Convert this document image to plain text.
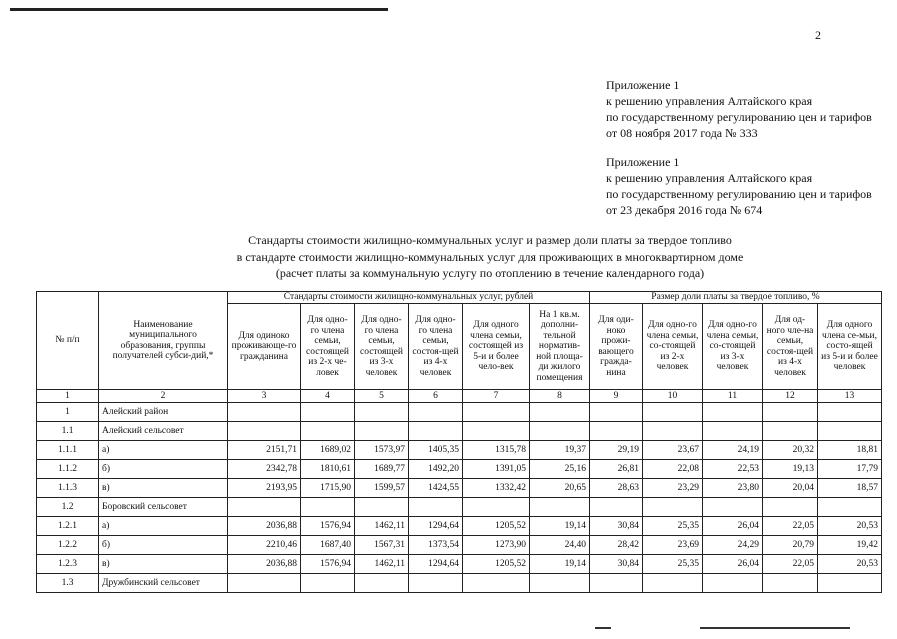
2
Приложение 1
к решению управления Алтайского края
по государственному регулированию цен и тарифов
от 08 ноября 2017 года № 333
Приложение 1
к решению управления Алтайского края
по государственному регулированию цен и тарифов
от 23 декабря 2016 года № 674
Стандарты стоимости жилищно-коммунальных услуг и размер доли платы за твердое топливо
в стандарте стоимости жилищно-коммунальных услуг для проживающих в многоквартирном доме
(расчет платы за коммунальную услугу по отоплению в течение календарного года)
№ п/п	Наименование муниципального образования, группы получателей субси-дий,*	Стандарты стоимости жилищно-коммунальных услуг, рублей						Размер доли платы за твердое топливо, %				
		Для одиноко проживающе-го гражданина	Для одно-го члена семьи, состоящей из 2-х че-ловек	Для одно-го члена семьи, состоящей из 3-х человек	Для одно-го члена семьи, состоя-щей из 4-х человек	Для одного члена семьи, состоящей из 5-и и более чело-век	На 1 кв.м. дополни-тельной норматив-ной площа-ди жилого помещения	Для оди-ноко прожи-вающего гражда-нина	Для одно-го члена семьи, со-стоящей из 2-х человек	Для одно-го члена семьи, со-стоящей из 3-х человек	Для од-ного чле-на семьи, состоя-щей из 4-х человек	Для одного члена се-мьи, состо-ящей из 5-и и более человек
1	2	3	4	5	6	7	8	9	10	11	12	13
1	Алейский район											
1.1	Алейский сельсовет											
1.1.1	а)	2151,71	1689,02	1573,97	1405,35	1315,78	19,37	29,19	23,67	24,19	20,32	18,81
1.1.2	б)	2342,78	1810,61	1689,77	1492,20	1391,05	25,16	26,81	22,08	22,53	19,13	17,79
1.1.3	в)	2193,95	1715,90	1599,57	1424,55	1332,42	20,65	28,63	23,29	23,80	20,04	18,57
1.2	Боровский сельсовет											
1.2.1	а)	2036,88	1576,94	1462,11	1294,64	1205,52	19,14	30,84	25,35	26,04	22,05	20,53
1.2.2	б)	2210,46	1687,40	1567,31	1373,54	1273,90	24,40	28,42	23,69	24,29	20,79	19,42
1.2.3	в)	2036,88	1576,94	1462,11	1294,64	1205,52	19,14	30,84	25,35	26,04	22,05	20,53
1.3	Дружбинский сельсовет											
